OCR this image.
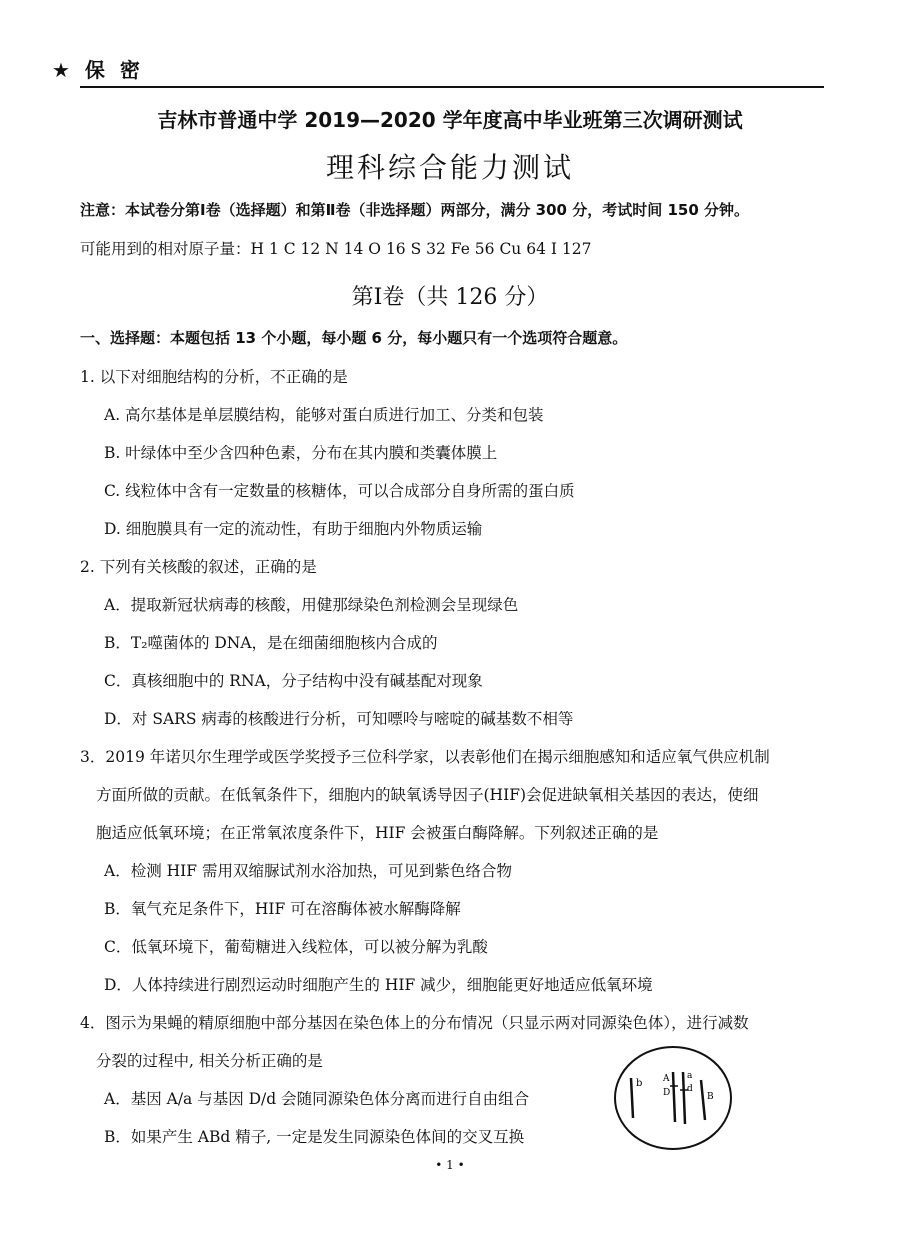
★ 保 密
吉林市普通中学 2019—2020 学年度高中毕业班第三次调研测试
理科综合能力测试
注意：本试卷分第Ⅰ卷（选择题）和第Ⅱ卷（非选择题）两部分，满分 300 分，考试时间 150 分钟。
可能用到的相对原子量：H 1 C 12 N 14 O 16 S 32 Fe 56 Cu 64 I 127
第Ⅰ卷（共 126 分）
一、选择题：本题包括 13 个小题，每小题 6 分，每小题只有一个选项符合题意。
1. 以下对细胞结构的分析，不正确的是
A. 高尔基体是单层膜结构，能够对蛋白质进行加工、分类和包装
B. 叶绿体中至少含四种色素，分布在其内膜和类囊体膜上
C. 线粒体中含有一定数量的核糖体，可以合成部分自身所需的蛋白质
D. 细胞膜具有一定的流动性，有助于细胞内外物质运输
2. 下列有关核酸的叙述，正确的是
A．提取新冠状病毒的核酸，用健那绿染色剂检测会呈现绿色
B．T₂噬菌体的 DNA，是在细菌细胞核内合成的
C．真核细胞中的 RNA，分子结构中没有碱基配对现象
D．对 SARS 病毒的核酸进行分析，可知嘌呤与嘧啶的碱基数不相等
3．2019 年诺贝尔生理学或医学奖授予三位科学家，以表彰他们在揭示细胞感知和适应氧气供应机制
方面所做的贡献。在低氧条件下，细胞内的缺氧诱导因子(HIF)会促进缺氧相关基因的表达，使细
胞适应低氧环境；在正常氧浓度条件下，HIF 会被蛋白酶降解。下列叙述正确的是
A．检测 HIF 需用双缩脲试剂水浴加热，可见到紫色络合物
B．氧气充足条件下，HIF 可在溶酶体被水解酶降解
C．低氧环境下，葡萄糖进入线粒体，可以被分解为乳酸
D．人体持续进行剧烈运动时细胞产生的 HIF 减少，细胞能更好地适应低氧环境
4．图示为果蝇的精原细胞中部分基因在染色体上的分布情况（只显示两对同源染色体），进行减数
分裂的过程中, 相关分析正确的是
A．基因 A/a 与基因 D/d 会随同源染色体分离而进行自由组合
B．如果产生 ABd 精子, 一定是发生同源染色体间的交叉互换
b A
D
a
d
B
• 1 •
